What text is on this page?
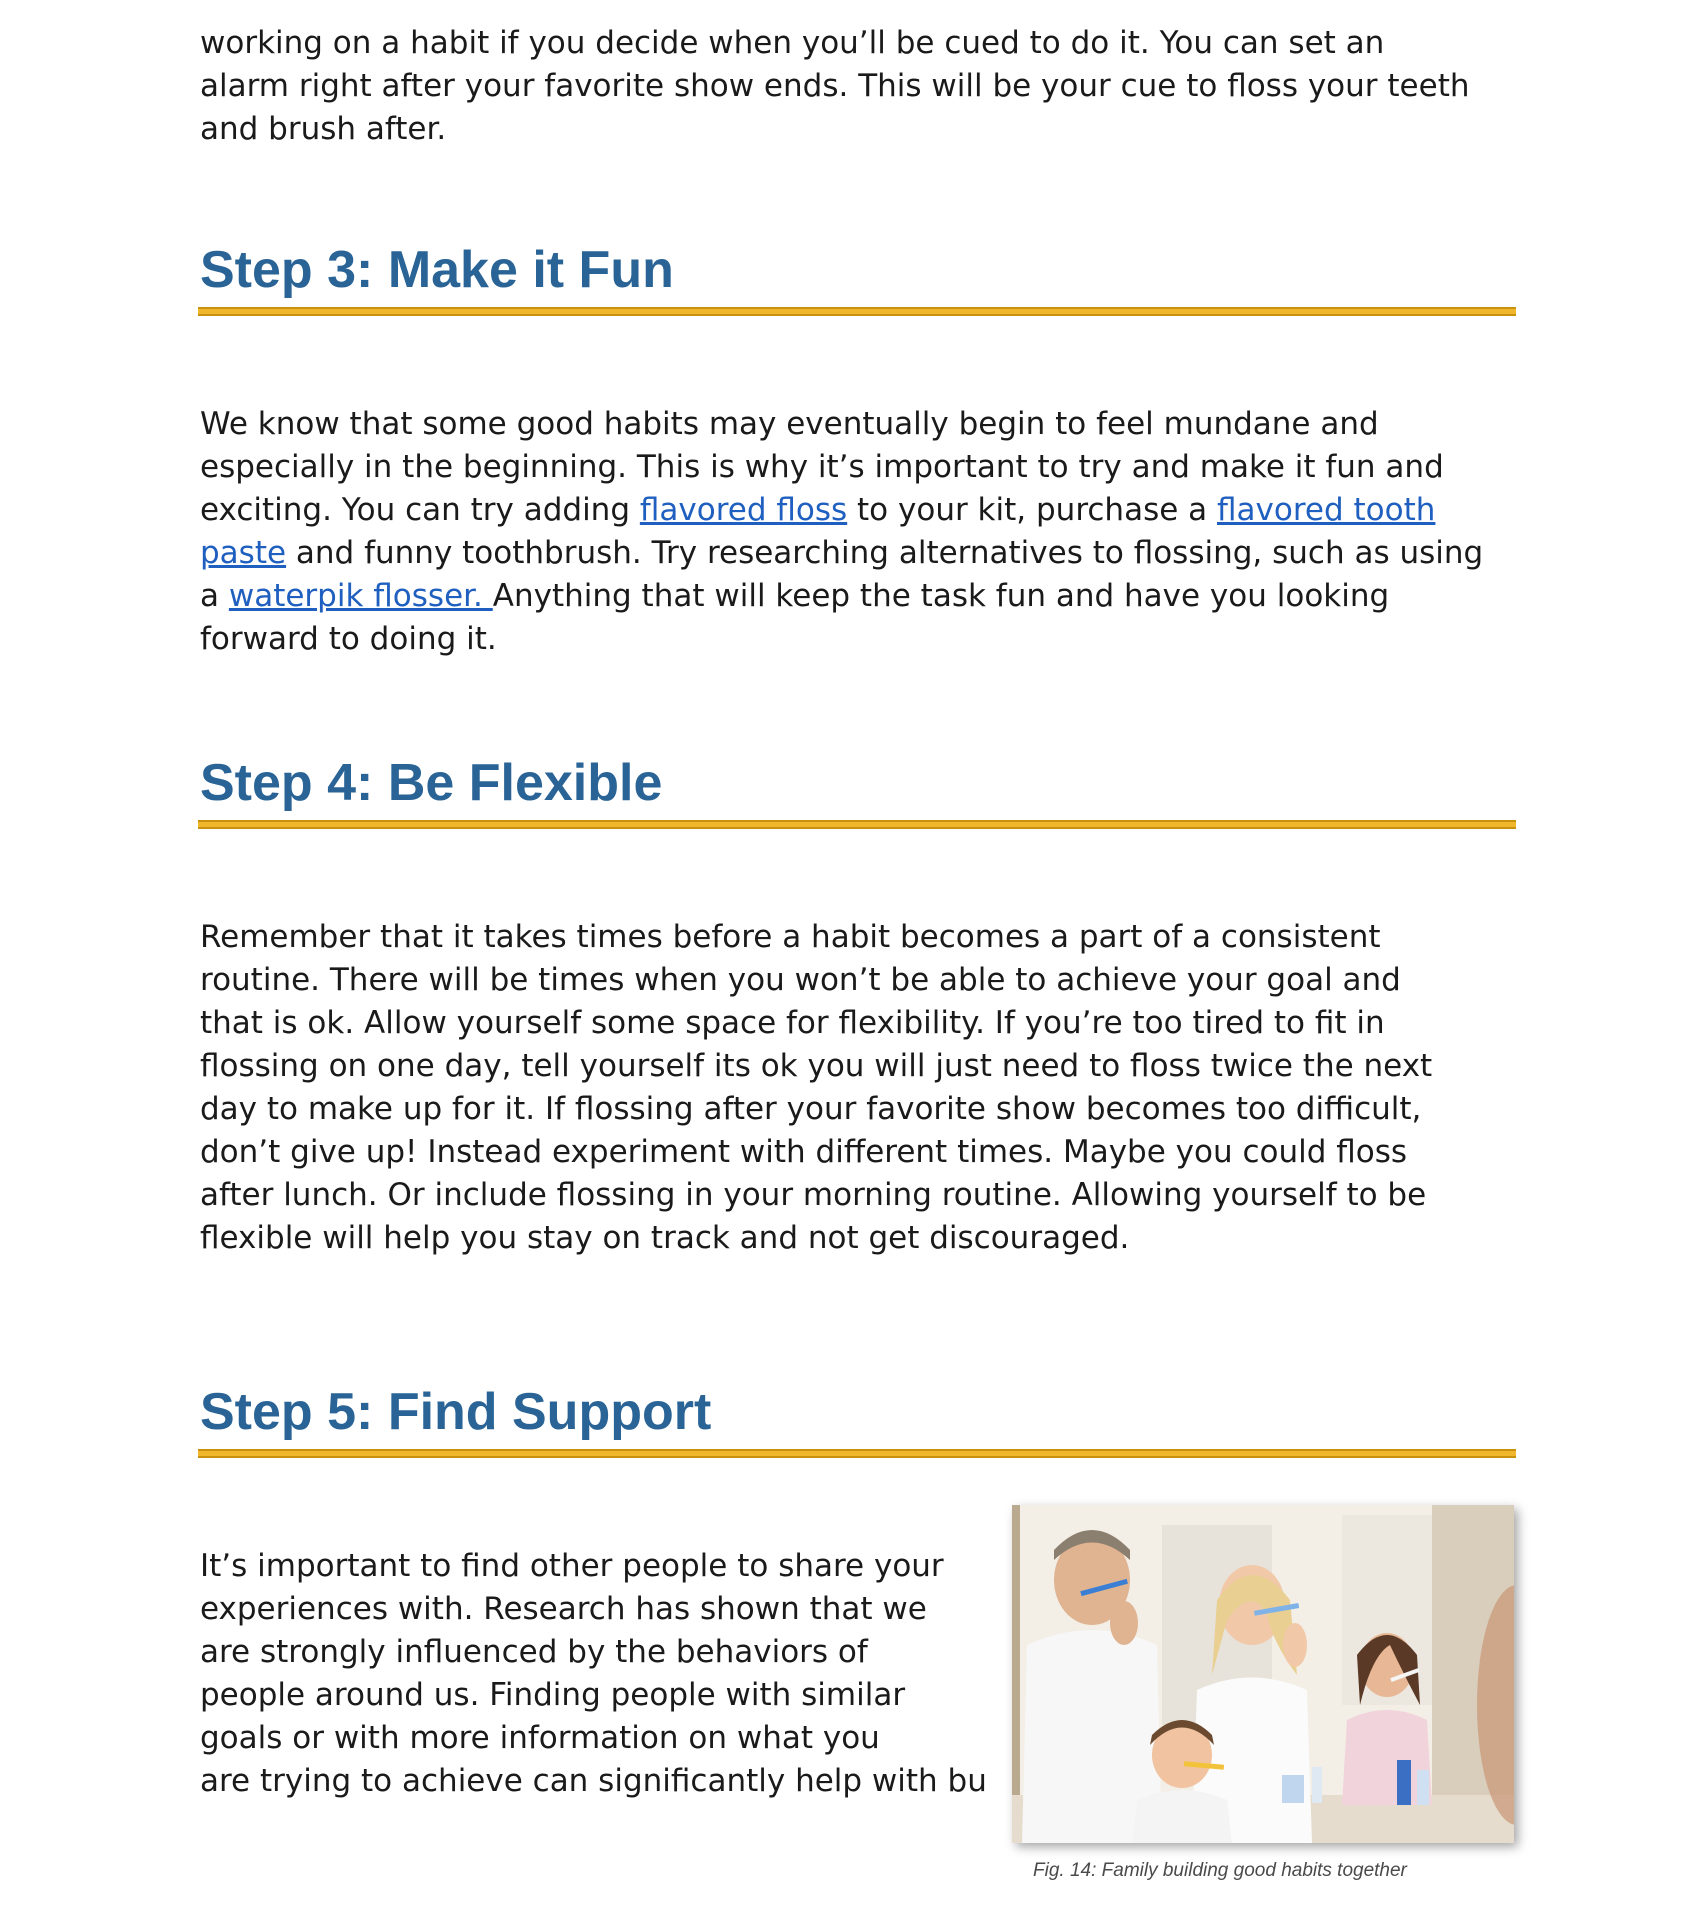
working on a habit if you decide when you’ll be cued to do it. You can set an
alarm right after your favorite show ends. This will be your cue to floss your teeth
and brush after.
Step 3: Make it Fun
We know that some good habits may eventually begin to feel mundane and
especially in the beginning. This is why it’s important to try and make it fun and
exciting. You can try adding flavored floss to your kit, purchase a flavored tooth
paste and funny toothbrush. Try researching alternatives to flossing, such as using
a waterpik flosser. Anything that will keep the task fun and have you looking
forward to doing it.
Step 4: Be Flexible
Remember that it takes times before a habit becomes a part of a consistent
routine. There will be times when you won’t be able to achieve your goal and
that is ok. Allow yourself some space for flexibility. If you’re too tired to fit in
flossing on one day, tell yourself its ok you will just need to floss twice the next
day to make up for it. If flossing after your favorite show becomes too difficult,
don’t give up! Instead experiment with different times. Maybe you could floss
after lunch. Or include flossing in your morning routine. Allowing yourself to be
flexible will help you stay on track and not get discouraged.
Step 5: Find Support
It’s important to find other people to share your
experiences with. Research has shown that we
are strongly influenced by the behaviors of
people around us. Finding people with similar
goals or with more information on what you
are trying to achieve can significantly help with bu
Fig. 14: Family building good habits together
